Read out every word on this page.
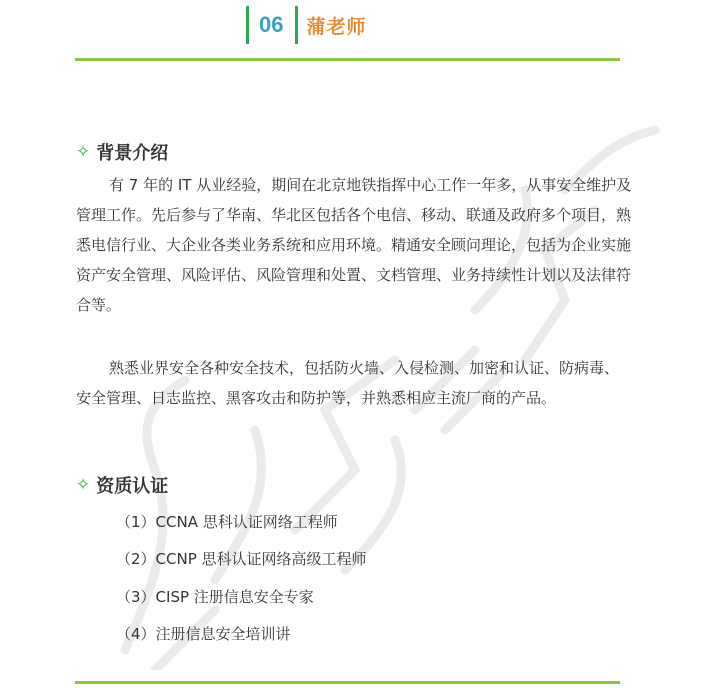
06	蒲老师
✧ 背景介绍

有 7 年的 IT 从业经验，期间在北京地铁指挥中心工作一年多，从事安全维护及管理工作。先后参与了华南、华北区包括各个电信、移动、联通及政府多个项目，熟悉电信行业、大企业各类业务系统和应用环境。精通安全顾问理论，包括为企业实施资产安全管理、风险评估、风险管理和处置、文档管理、业务持续性计划以及法律符合等。

熟悉业界安全各种安全技术，包括防火墙、入侵检测、加密和认证、防病毒、安全管理、日志监控、黑客攻击和防护等，并熟悉相应主流厂商的产品。

✧ 资质认证
（1）CCNA 思科认证网络工程师
（2）CCNP 思科认证网络高级工程师
（3）CISP 注册信息安全专家
（4）注册信息安全培训讲
